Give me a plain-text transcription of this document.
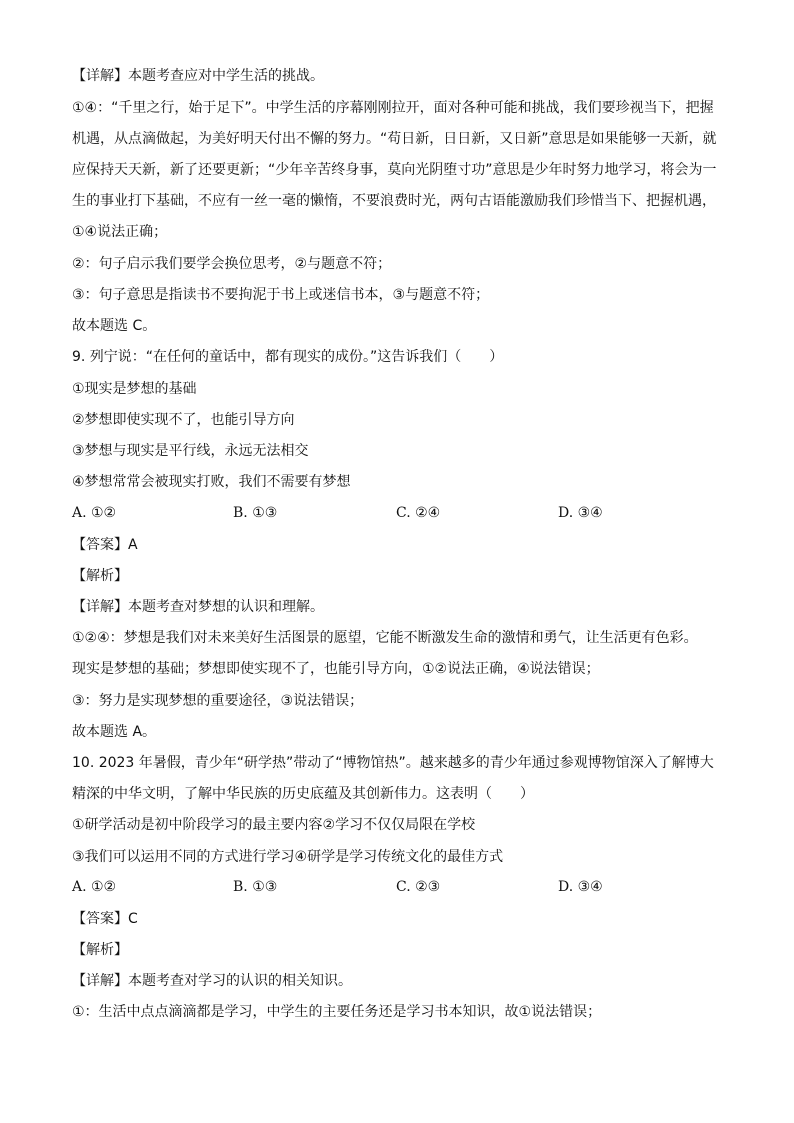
【详解】本题考查应对中学生活的挑战。
①④：“千里之行，始于足下”。中学生活的序幕刚刚拉开，面对各种可能和挑战，我们要珍视当下，把握
机遇，从点滴做起，为美好明天付出不懈的努力。“苟日新，日日新，又日新”意思是如果能够一天新，就
应保持天天新，新了还要更新；“少年辛苦终身事，莫向光阴堕寸功”意思是少年时努力地学习，将会为一
生的事业打下基础，不应有一丝一毫的懒惰，不要浪费时光，两句古语能激励我们珍惜当下、把握机遇，
①④说法正确；
②：句子启示我们要学会换位思考，②与题意不符；
③：句子意思是指读书不要拘泥于书上或迷信书本，③与题意不符；
故本题选 C。
9. 列宁说：“在任何的童话中，都有现实的成份。”这告诉我们（　　）
①现实是梦想的基础
②梦想即使实现不了，也能引导方向
③梦想与现实是平行线，永远无法相交
④梦想常常会被现实打败，我们不需要有梦想
A. ①②	B. ①③	C. ②④	D. ③④
【答案】A
【解析】
【详解】本题考查对梦想的认识和理解。
①②④：梦想是我们对未来美好生活图景的愿望，它能不断激发生命的激情和勇气，让生活更有色彩。
现实是梦想的基础；梦想即使实现不了，也能引导方向，①②说法正确，④说法错误；
③：努力是实现梦想的重要途径，③说法错误；
故本题选 A。
10. 2023 年暑假，青少年“研学热”带动了“博物馆热”。越来越多的青少年通过参观博物馆深入了解博大
精深的中华文明，了解中华民族的历史底蕴及其创新伟力。这表明（　　）
①研学活动是初中阶段学习的最主要内容②学习不仅仅局限在学校
③我们可以运用不同的方式进行学习④研学是学习传统文化的最佳方式
A. ①②	B. ①③	C. ②③	D. ③④
【答案】C
【解析】
【详解】本题考查对学习的认识的相关知识。
①：生活中点点滴滴都是学习，中学生的主要任务还是学习书本知识，故①说法错误；
